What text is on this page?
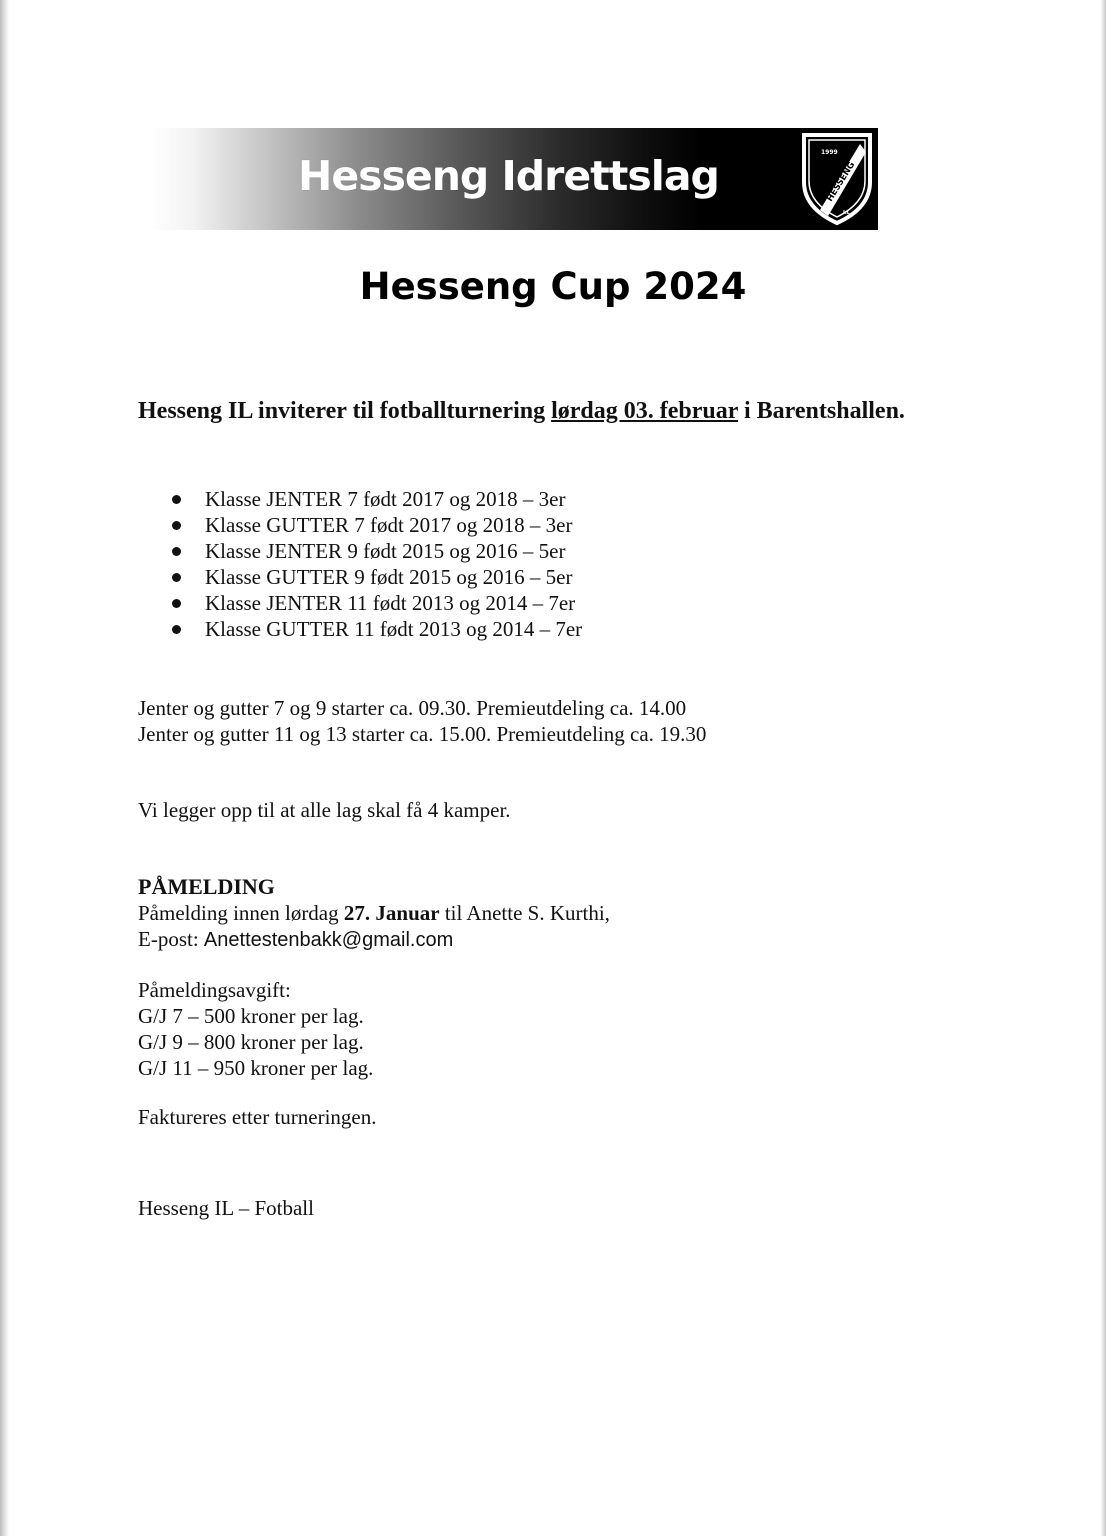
Hesseng Idrettslag	1999
HESSENG
I.L.
Hesseng Cup 2024
Hesseng IL inviterer til fotballturnering lørdag 03. februar i Barentshallen.
Klasse JENTER 7 født 2017 og 2018 – 3er
Klasse GUTTER 7 født 2017 og 2018 – 3er
Klasse JENTER 9 født 2015 og 2016 – 5er
Klasse GUTTER 9 født 2015 og 2016 – 5er
Klasse JENTER 11 født 2013 og 2014 – 7er
Klasse GUTTER 11 født 2013 og 2014 – 7er
Jenter og gutter 7 og 9 starter ca. 09.30. Premieutdeling ca. 14.00
Jenter og gutter 11 og 13 starter ca. 15.00. Premieutdeling ca. 19.30
Vi legger opp til at alle lag skal få 4 kamper.
PÅMELDING
Påmelding innen lørdag 27. Januar til Anette S. Kurthi,
E-post: Anettestenbakk@gmail.com
Påmeldingsavgift:
G/J 7 – 500 kroner per lag.
G/J 9 – 800 kroner per lag.
G/J 11 – 950 kroner per lag.
Faktureres etter turneringen.
Hesseng IL – Fotball
